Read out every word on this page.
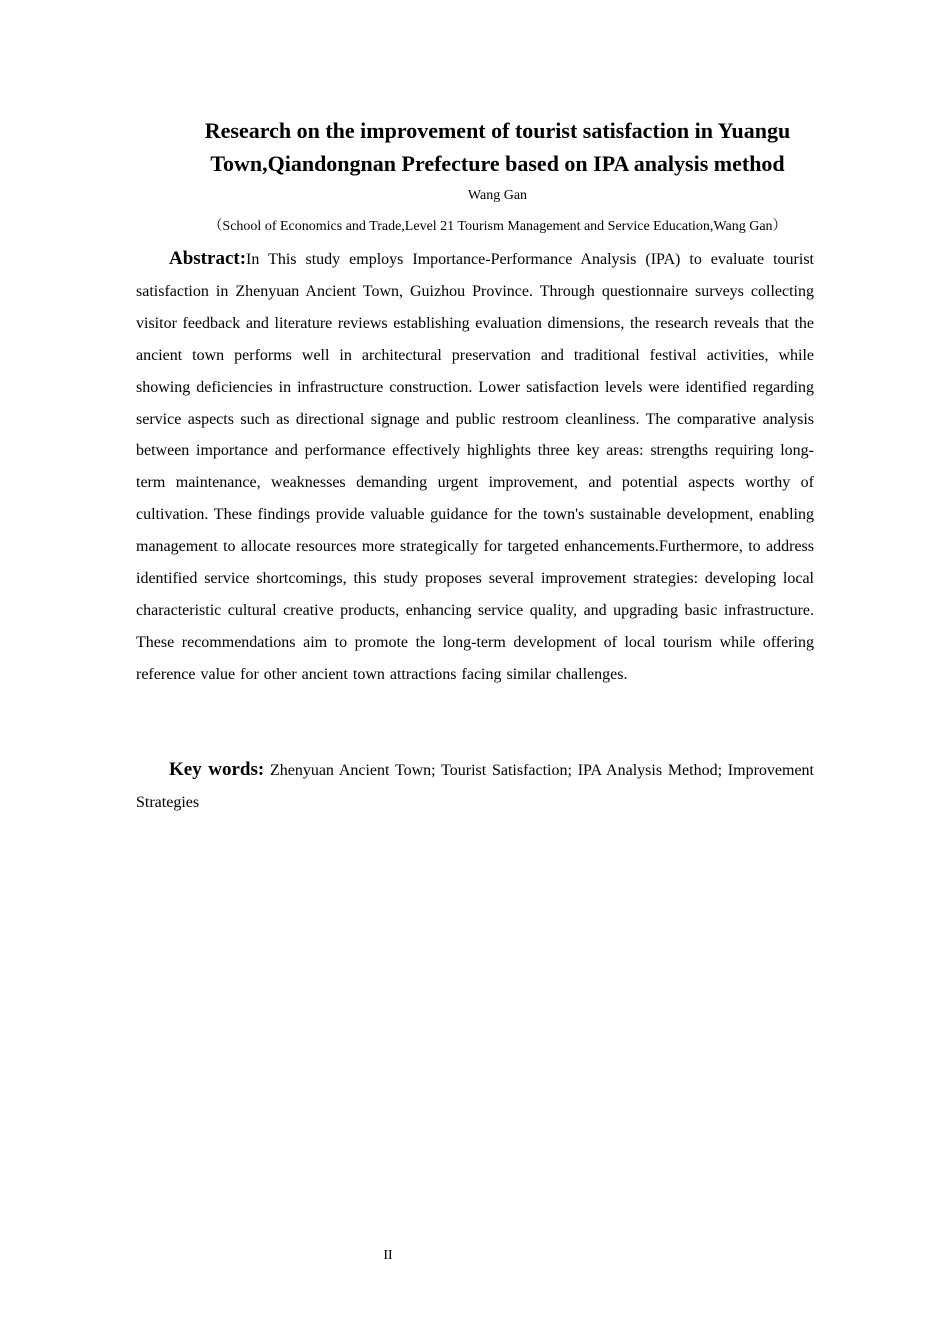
Research on the improvement of tourist satisfaction in Yuangu Town,Qiandongnan Prefecture based on IPA analysis method
Wang Gan
（School of Economics and Trade,Level 21 Tourism Management and Service Education,Wang Gan）

Abstract:In This study employs Importance-Performance Analysis (IPA) to evaluate tourist satisfaction in Zhenyuan Ancient Town, Guizhou Province. Through questionnaire surveys collecting visitor feedback and literature reviews establishing evaluation dimensions, the research reveals that the ancient town performs well in architectural preservation and traditional festival activities, while showing deficiencies in infrastructure construction. Lower satisfaction levels were identified regarding service aspects such as directional signage and public restroom cleanliness. The comparative analysis between importance and performance effectively highlights three key areas: strengths requiring long-term maintenance, weaknesses demanding urgent improvement, and potential aspects worthy of cultivation. These findings provide valuable guidance for the town's sustainable development, enabling management to allocate resources more strategically for targeted enhancements.Furthermore, to address identified service shortcomings, this study proposes several improvement strategies: developing local characteristic cultural creative products, enhancing service quality, and upgrading basic infrastructure. These recommendations aim to promote the long-term development of local tourism while offering reference value for other ancient town attractions facing similar challenges.

Key words: Zhenyuan Ancient Town; Tourist Satisfaction; IPA Analysis Method; Improvement Strategies

II
